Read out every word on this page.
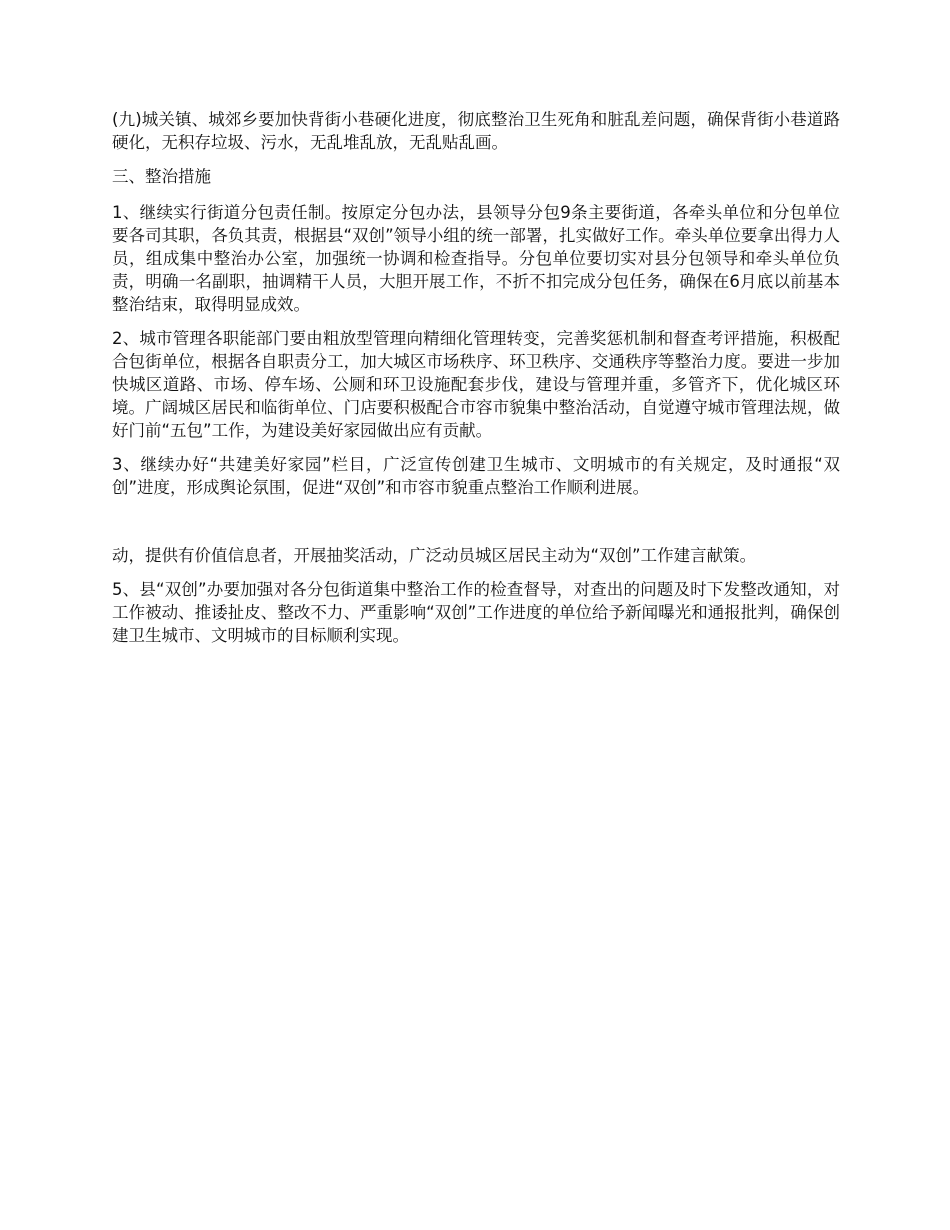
(九)城关镇、城郊乡要加快背街小巷硬化进度，彻底整治卫生死角和脏乱差问题，确保背街小巷道路硬化，无积存垃圾、污水，无乱堆乱放，无乱贴乱画。

三、整治措施

1、继续实行街道分包责任制。按原定分包办法，县领导分包9条主要街道，各牵头单位和分包单位要各司其职，各负其责，根据县“双创”领导小组的统一部署，扎实做好工作。牵头单位要拿出得力人员，组成集中整治办公室，加强统一协调和检查指导。分包单位要切实对县分包领导和牵头单位负责，明确一名副职，抽调精干人员，大胆开展工作，不折不扣完成分包任务，确保在6月底以前基本整治结束，取得明显成效。

2、城市管理各职能部门要由粗放型管理向精细化管理转变，完善奖惩机制和督查考评措施，积极配合包街单位，根据各自职责分工，加大城区市场秩序、环卫秩序、交通秩序等整治力度。要进一步加快城区道路、市场、停车场、公厕和环卫设施配套步伐，建设与管理并重，多管齐下，优化城区环境。广阔城区居民和临街单位、门店要积极配合市容市貌集中整治活动，自觉遵守城市管理法规，做好门前“五包”工作，为建设美好家园做出应有贡献。

3、继续办好“共建美好家园”栏目，广泛宣传创建卫生城市、文明城市的有关规定，及时通报“双创”进度，形成舆论氛围，促进“双创”和市容市貌重点整治工作顺利进展。

动，提供有价值信息者，开展抽奖活动，广泛动员城区居民主动为“双创”工作建言献策。

5、县“双创”办要加强对各分包街道集中整治工作的检查督导，对查出的问题及时下发整改通知，对工作被动、推诿扯皮、整改不力、严重影响“双创”工作进度的单位给予新闻曝光和通报批判，确保创建卫生城市、文明城市的目标顺利实现。
